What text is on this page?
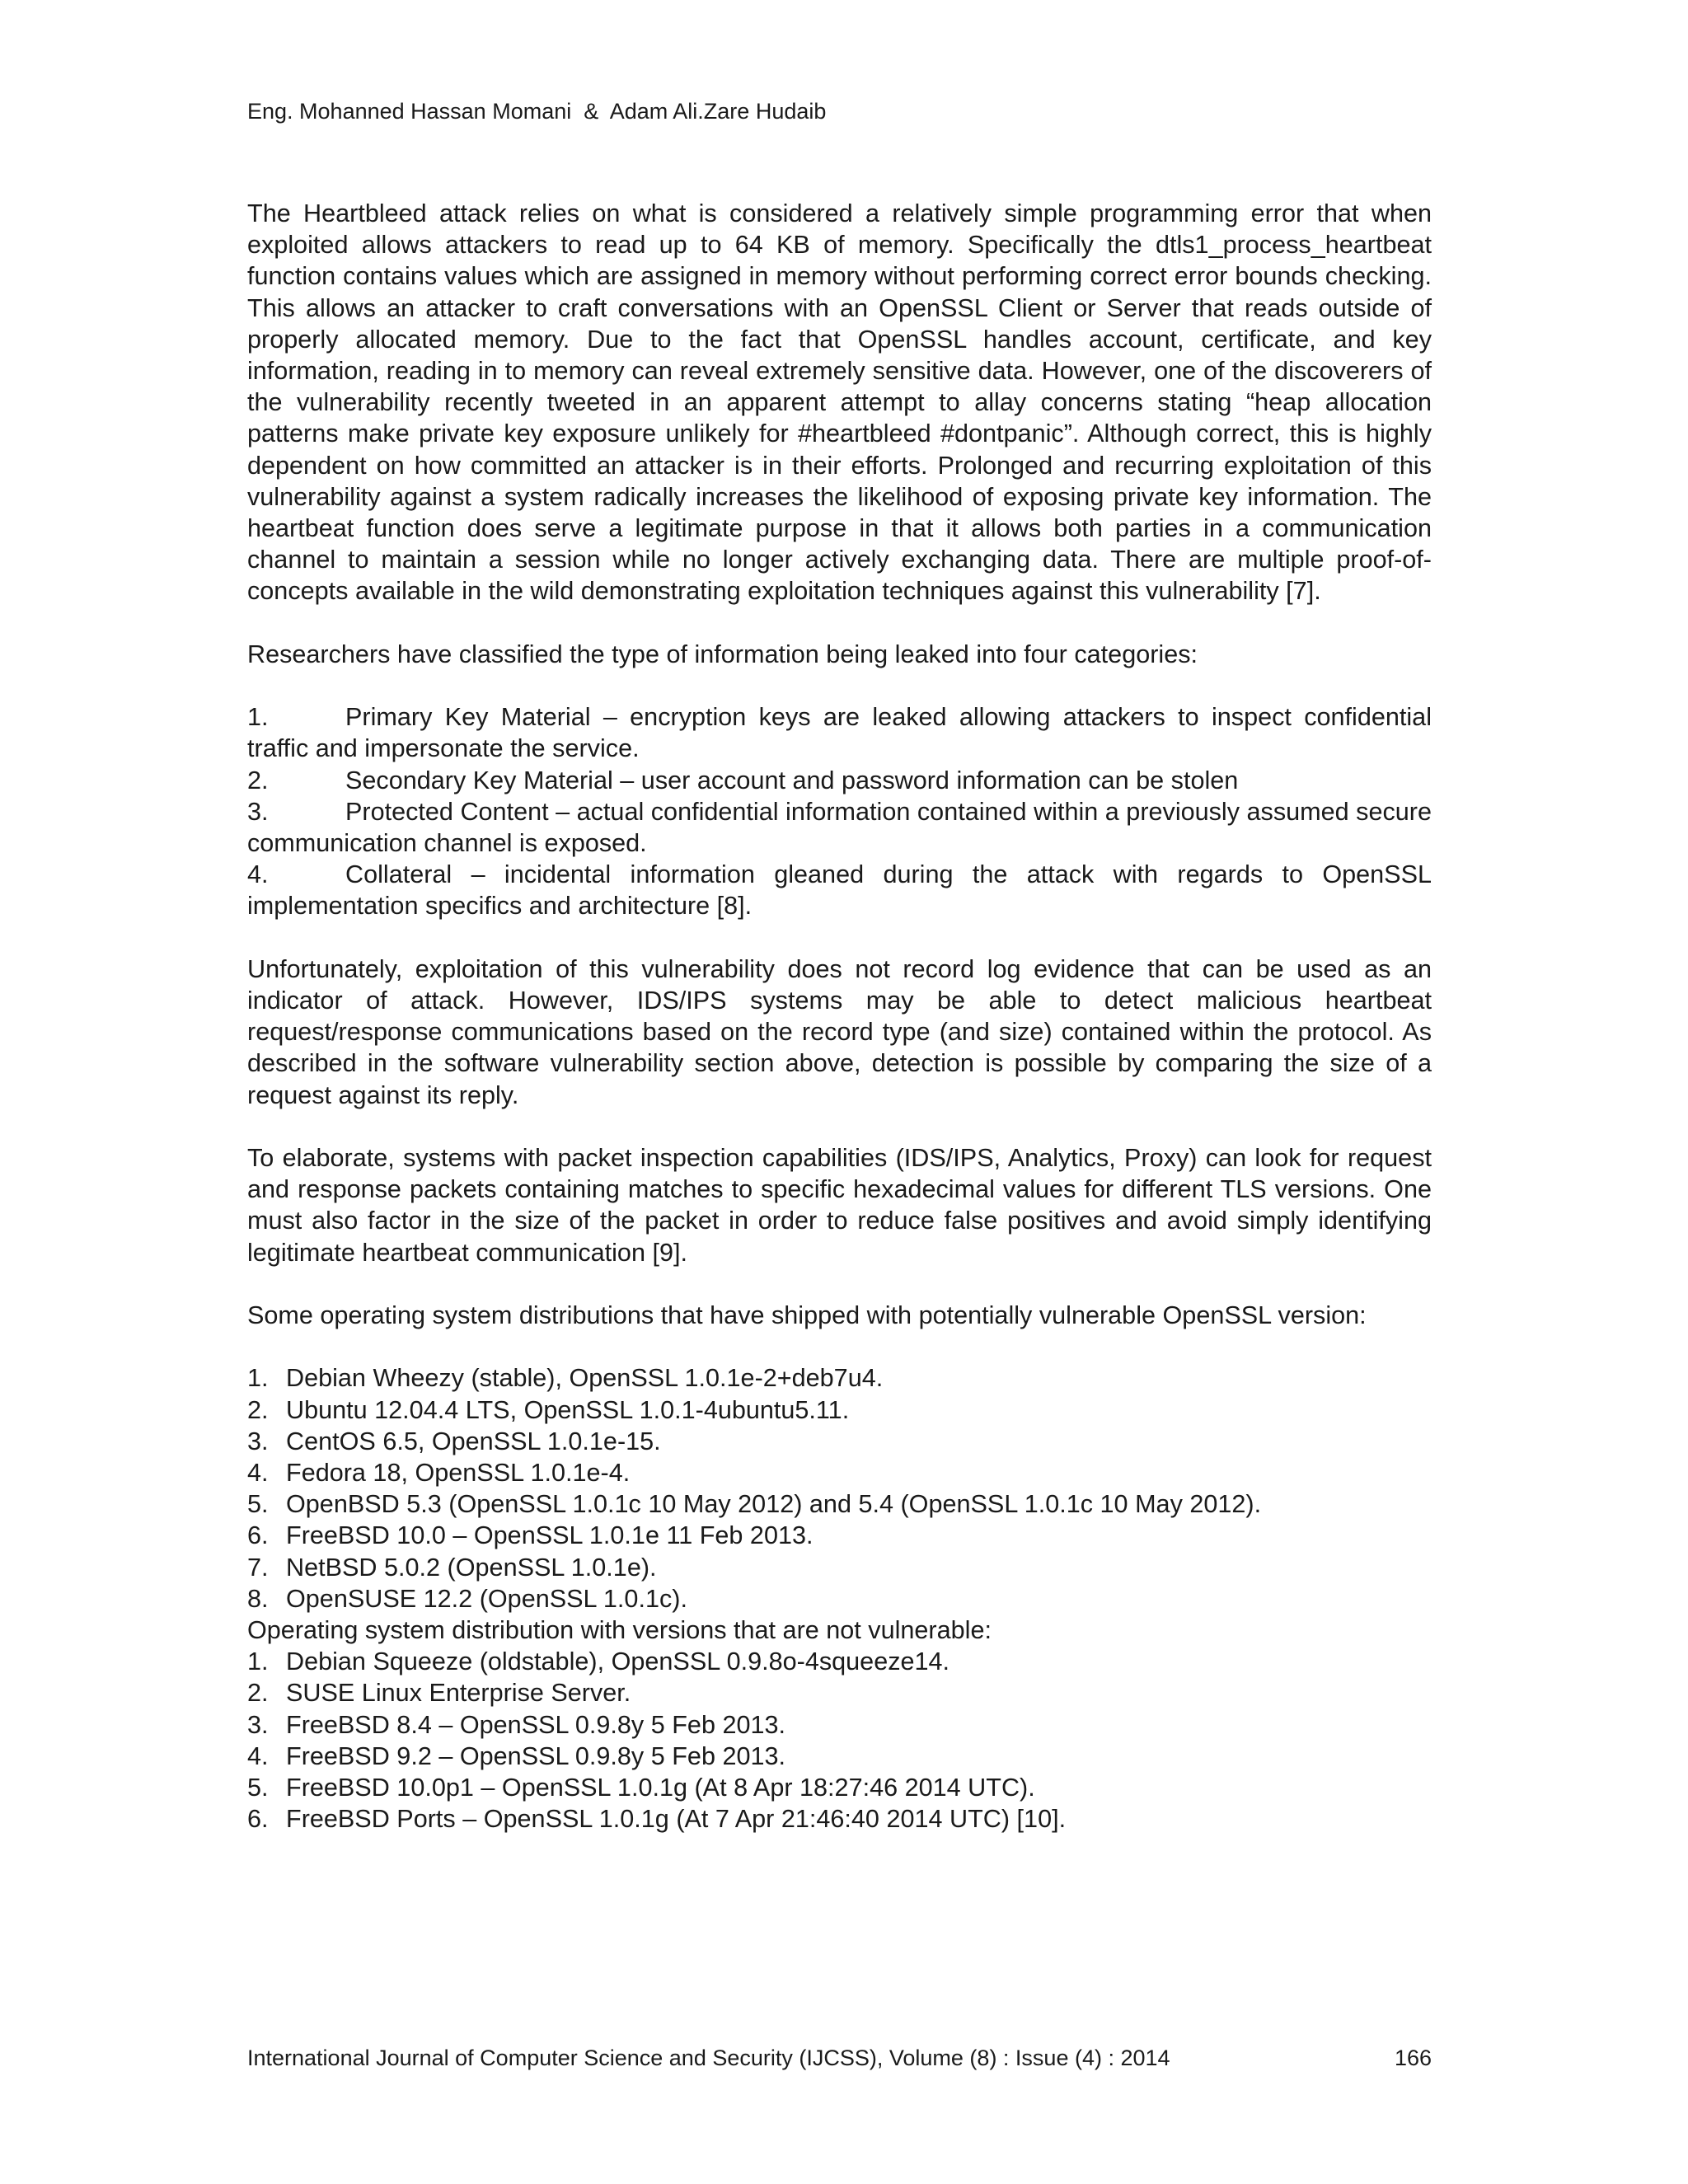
Eng. Mohanned Hassan Momani  &  Adam Ali.Zare Hudaib

The Heartbleed attack relies on what is considered a relatively simple programming error that when exploited allows attackers to read up to 64 KB of memory. Specifically the dtls1_process_heartbeat function contains values which are assigned in memory without performing correct error bounds checking. This allows an attacker to craft conversations with an OpenSSL Client or Server that reads outside of properly allocated memory. Due to the fact that OpenSSL handles account, certificate, and key information, reading in to memory can reveal extremely sensitive data. However, one of the discoverers of the vulnerability recently tweeted in an apparent attempt to allay concerns stating “heap allocation patterns make private key exposure unlikely for #heartbleed #dontpanic”. Although correct, this is highly dependent on how committed an attacker is in their efforts. Prolonged and recurring exploitation of this vulnerability against a system radically increases the likelihood of exposing private key information. The heartbeat function does serve a legitimate purpose in that it allows both parties in a communication channel to maintain a session while no longer actively exchanging data. There are multiple proof-of-concepts available in the wild demonstrating exploitation techniques against this vulnerability [7].

Researchers have classified the type of information being leaked into four categories:

1.	Primary Key Material – encryption keys are leaked allowing attackers to inspect confidential traffic and impersonate the service.

2.	Secondary Key Material – user account and password information can be stolen

3.	Protected Content – actual confidential information contained within a previously assumed secure communication channel is exposed.

4.	Collateral – incidental information gleaned during the attack with regards to OpenSSL implementation specifics and architecture [8].

Unfortunately, exploitation of this vulnerability does not record log evidence that can be used as an indicator of attack. However, IDS/IPS systems may be able to detect malicious heartbeat request/response communications based on the record type (and size) contained within the protocol. As described in the software vulnerability section above, detection is possible by comparing the size of a request against its reply.

To elaborate, systems with packet inspection capabilities (IDS/IPS, Analytics, Proxy) can look for request and response packets containing matches to specific hexadecimal values for different TLS versions. One must also factor in the size of the packet in order to reduce false positives and avoid simply identifying legitimate heartbeat communication [9].

Some operating system distributions that have shipped with potentially vulnerable OpenSSL version:

1. Debian Wheezy (stable), OpenSSL 1.0.1e-2+deb7u4.
2. Ubuntu 12.04.4 LTS, OpenSSL 1.0.1-4ubuntu5.11.
3. CentOS 6.5, OpenSSL 1.0.1e-15.
4. Fedora 18, OpenSSL 1.0.1e-4.
5. OpenBSD 5.3 (OpenSSL 1.0.1c 10 May 2012) and 5.4 (OpenSSL 1.0.1c 10 May 2012).
6. FreeBSD 10.0 – OpenSSL 1.0.1e 11 Feb 2013.
7. NetBSD 5.0.2 (OpenSSL 1.0.1e).
8. OpenSUSE 12.2 (OpenSSL 1.0.1c).

Operating system distribution with versions that are not vulnerable:

1. Debian Squeeze (oldstable), OpenSSL 0.9.8o-4squeeze14.
2. SUSE Linux Enterprise Server.
3. FreeBSD 8.4 – OpenSSL 0.9.8y 5 Feb 2013.
4. FreeBSD 9.2 – OpenSSL 0.9.8y 5 Feb 2013.
5. FreeBSD 10.0p1 – OpenSSL 1.0.1g (At 8 Apr 18:27:46 2014 UTC).
6. FreeBSD Ports – OpenSSL 1.0.1g (At 7 Apr 21:46:40 2014 UTC) [10].
International Journal of Computer Science and Security (IJCSS), Volume (8) : Issue (4) : 2014	166
